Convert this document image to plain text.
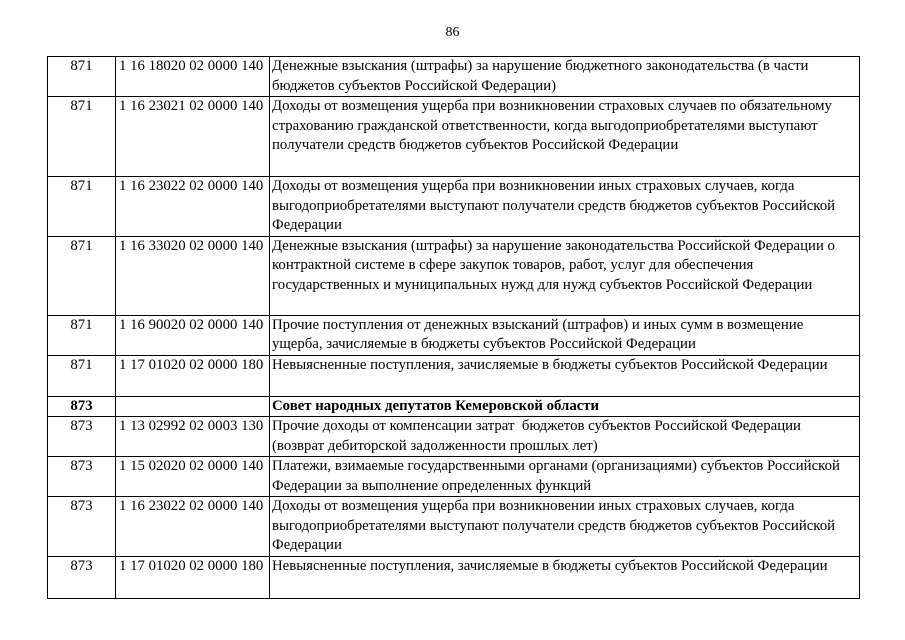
86
871	1 16 18020 02 0000 140	Денежные взыскания (штрафы) за нарушение бюджетного законодательства (в части
бюджетов субъектов Российской Федерации)

871	1 16 23021 02 0000 140	Доходы от возмещения ущерба при возникновении страховых случаев по обязательному
страхованию гражданской ответственности, когда выгодоприобретателями выступают
получатели средств бюджетов субъектов Российской Федерации

871	1 16 23022 02 0000 140	Доходы от возмещения ущерба при возникновении иных страховых случаев, когда
выгодоприобретателями выступают получатели средств бюджетов субъектов Российской
Федерации

871	1 16 33020 02 0000 140	Денежные взыскания (штрафы) за нарушение законодательства Российской Федерации о
контрактной системе в сфере закупок товаров, работ, услуг для обеспечения
государственных и муниципальных нужд для нужд субъектов Российской Федерации

871	1 16 90020 02 0000 140	Прочие поступления от денежных взысканий (штрафов) и иных сумм в возмещение
ущерба, зачисляемые в бюджеты субъектов Российской Федерации

871	1 17 01020 02 0000 180	Невыясненные поступления, зачисляемые в бюджеты субъектов Российской Федерации

873		Совет народных депутатов Кемеровской области

873	1 13 02992 02 0003 130	Прочие доходы от компенсации затрат  бюджетов субъектов Российской Федерации
(возврат дебиторской задолженности прошлых лет)

873	1 15 02020 02 0000 140	Платежи, взимаемые государственными органами (организациями) субъектов Российской
Федерации за выполнение определенных функций

873	1 16 23022 02 0000 140	Доходы от возмещения ущерба при возникновении иных страховых случаев, когда
выгодоприобретателями выступают получатели средств бюджетов субъектов Российской
Федерации

873	1 17 01020 02 0000 180	Невыясненные поступления, зачисляемые в бюджеты субъектов Российской Федерации
